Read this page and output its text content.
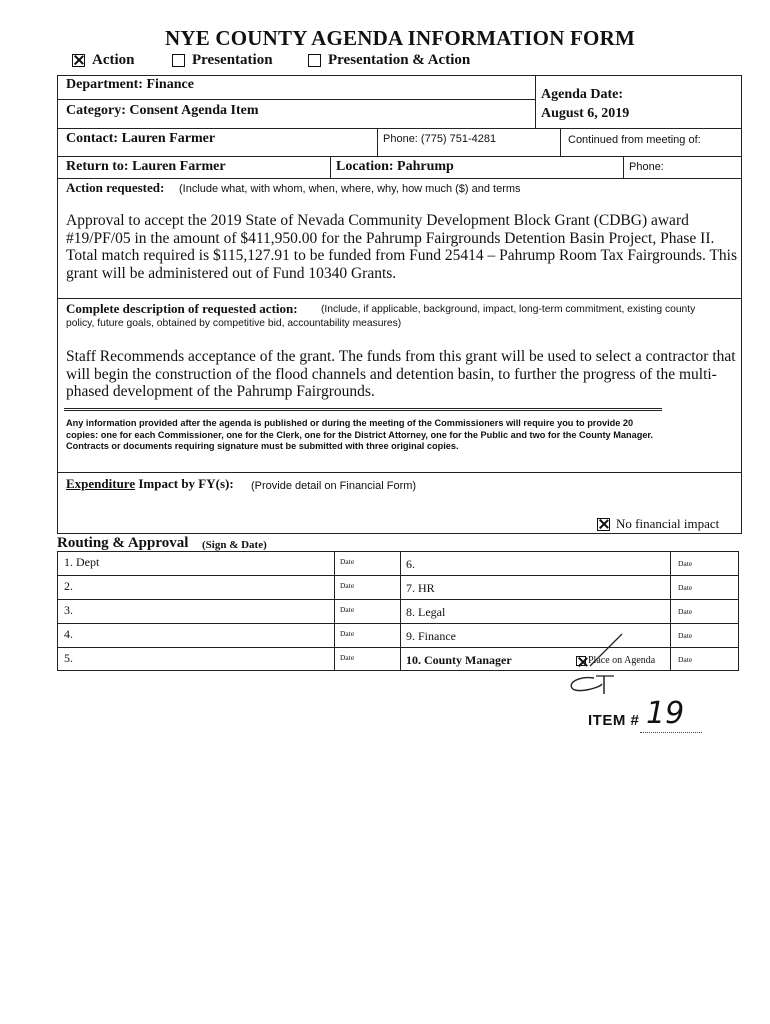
NYE COUNTY AGENDA INFORMATION FORM
Action	Presentation	Presentation & Action
Department: Finance
Agenda Date:
August 6, 2019
Category: Consent Agenda Item
Contact: Lauren Farmer	Phone: (775) 751-4281	Continued from meeting of:
Return to: Lauren Farmer	Location: Pahrump	Phone:
Action requested: (Include what, with whom, when, where, why, how much ($) and terms
Approval to accept the 2019 State of Nevada Community Development Block Grant (CDBG) award
#19/PF/05 in the amount of $411,950.00 for the Pahrump Fairgrounds Detention Basin Project, Phase II.
Total match required is $115,127.91 to be funded from Fund 25414 – Pahrump Room Tax Fairgrounds. This
grant will be administered out of Fund 10340 Grants.
Complete description of requested action: (Include, if applicable, background, impact, long-term commitment, existing county
policy, future goals, obtained by competitive bid, accountability measures)
Staff Recommends acceptance of the grant. The funds from this grant will be used to select a contractor that
will begin the construction of the flood channels and detention basin, to further the progress of the multi-
phased development of the Pahrump Fairgrounds.
Any information provided after the agenda is published or during the meeting of the Commissioners will require you to provide 20
copies: one for each Commissioner, one for the Clerk, one for the District Attorney, one for the Public and two for the County Manager.
Contracts or documents requiring signature must be submitted with three original copies.
Expenditure Impact by FY(s): (Provide detail on Financial Form)
No financial impact
Routing & Approval (Sign & Date)
1. Dept	Date	6.	Date
2.	Date	7. HR	Date
3.	Date	8. Legal	Date
4.	Date	9. Finance	Date
5.	Date	10. County Manager	Place on Agenda	Date
ITEM # 19
